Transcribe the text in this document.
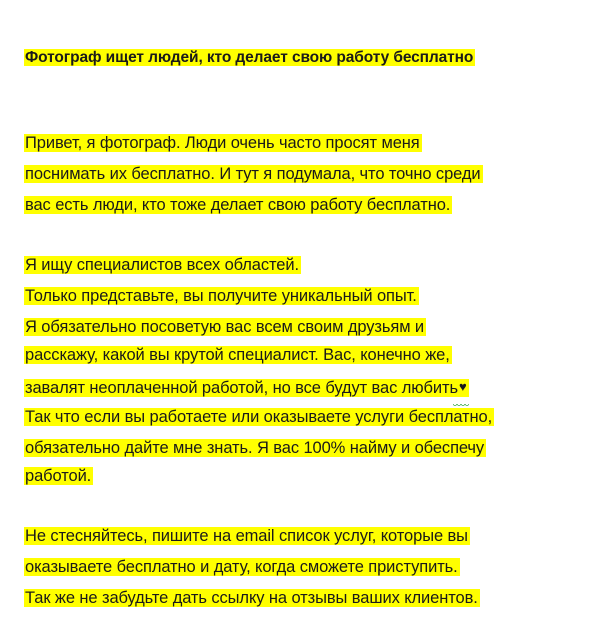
Фотограф ищет людей, кто делает свою работу бесплатно
Привет, я фотограф. Люди очень часто просят меня
поснимать их бесплатно. И тут я подумала, что точно среди
вас есть люди, кто тоже делает свою работу бесплатно.
Я ищу специалистов всех областей.
Только представьте, вы получите уникальный опыт.
Я обязательно посоветую вас всем своим друзьям и
расскажу, какой вы крутой специалист. Вас, конечно же,
завалят неоплаченной работой, но все будут вас любить♥
Так что если вы работаете или оказываете услуги бесплатно,
обязательно дайте мне знать. Я вас 100% найму и обеспечу
работой.
Не стесняйтесь, пишите на email список услуг, которые вы
оказываете бесплатно и дату, когда сможете приступить.
Так же не забудьте дать ссылку на отзывы ваших клиентов.
